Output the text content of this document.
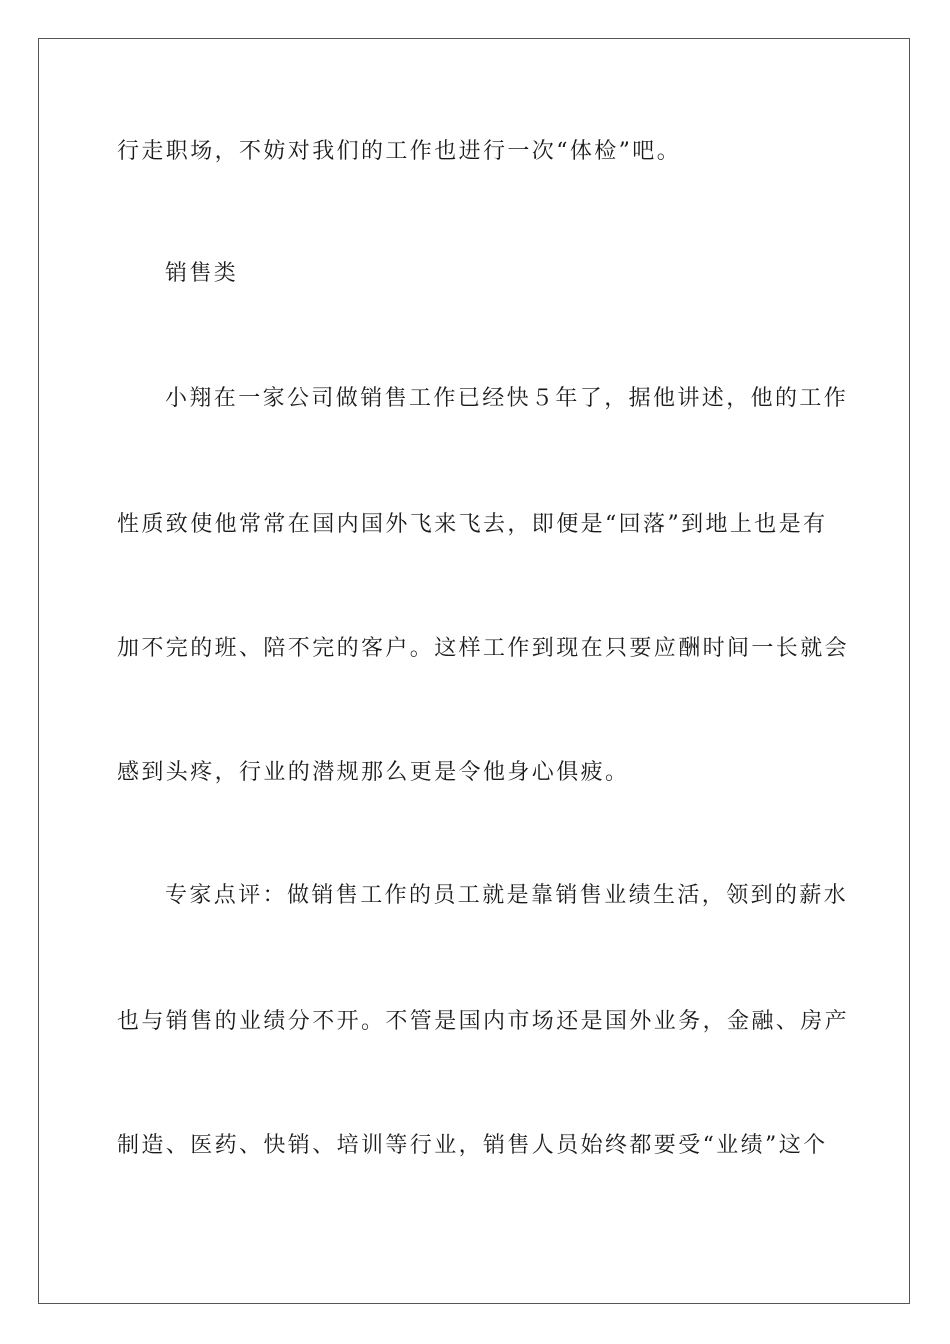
行走职场，不妨对我们的工作也进行一次“体检”吧。
销售类
小翔在一家公司做销售工作已经快５年了，据他讲述，他的工作
性质致使他常常在国内国外飞来飞去，即便是“回落”到地上也是有
加不完的班、陪不完的客户。这样工作到现在只要应酬时间一长就会
感到头疼，行业的潜规那么更是令他身心俱疲。
专家点评：做销售工作的员工就是靠销售业绩生活，领到的薪水
也与销售的业绩分不开。不管是国内市场还是国外业务，金融、房产
制造、医药、快销、培训等行业，销售人员始终都要受“业绩”这个
